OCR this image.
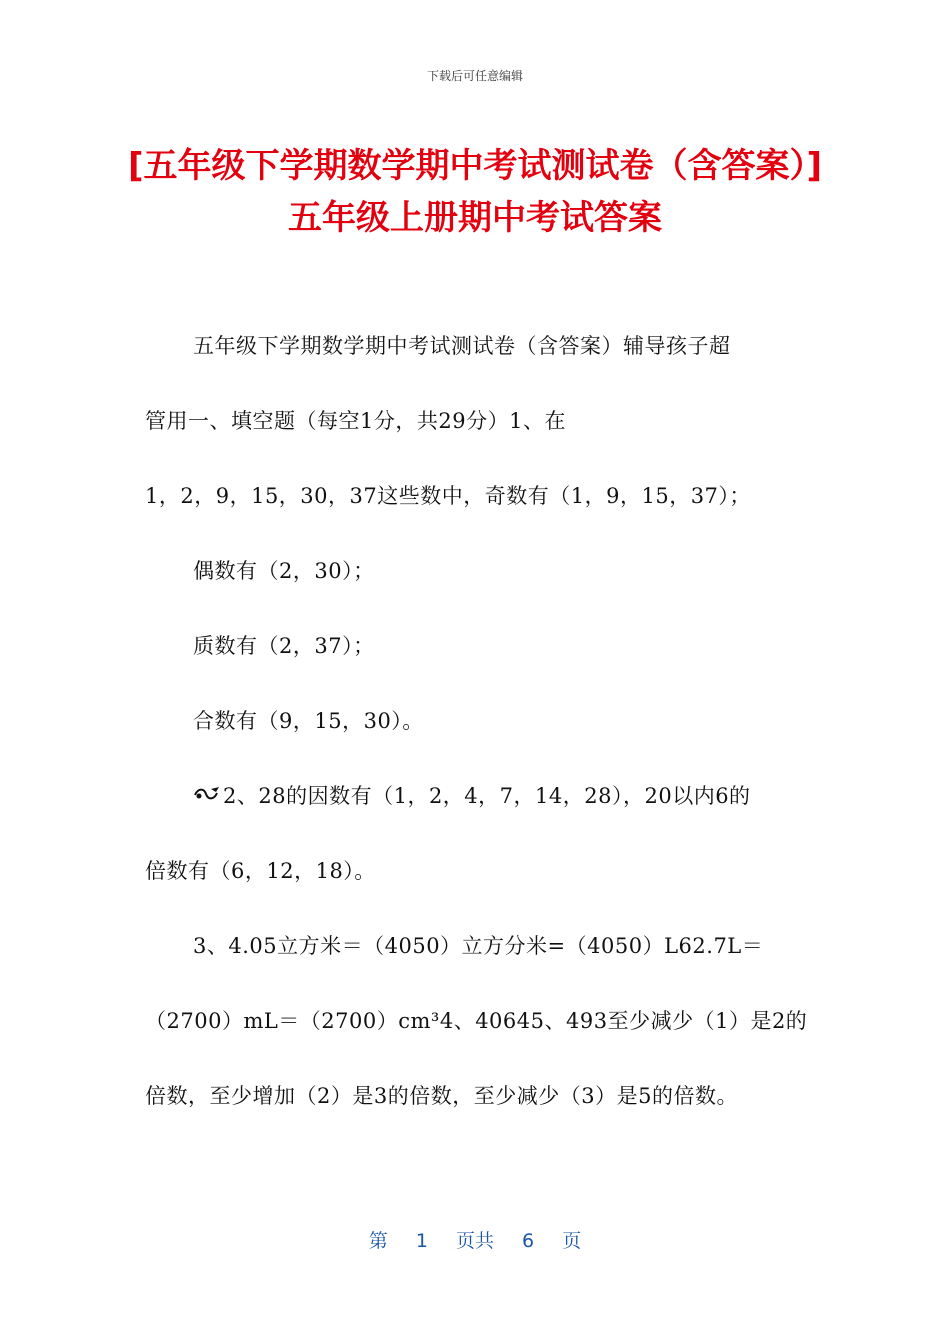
下载后可任意编辑
[五年级下学期数学期中考试测试卷（含答案）]五年级上册期中考试答案
五年级下学期数学期中考试测试卷（含答案）辅导孩子超
管用一、填空题（每空1分，共29分）1、在
1，2，9，15，30，37这些数中，奇数有（1，9，15，37）；
偶数有（2，30）；
质数有（2，37）；
合数有（9，15，30）。
2、28的因数有（1，2，4，7，14，28），20以内6的
倍数有（6，12，18）。
3、4.05立方米＝（4050）立方分米=（4050）L62.7L＝
（2700）mL＝（2700）cm³4、40645、493至少减少（1）是2的
倍数，至少增加（2）是3的倍数，至少减少（3）是5的倍数。
第 1 页共 6 页
